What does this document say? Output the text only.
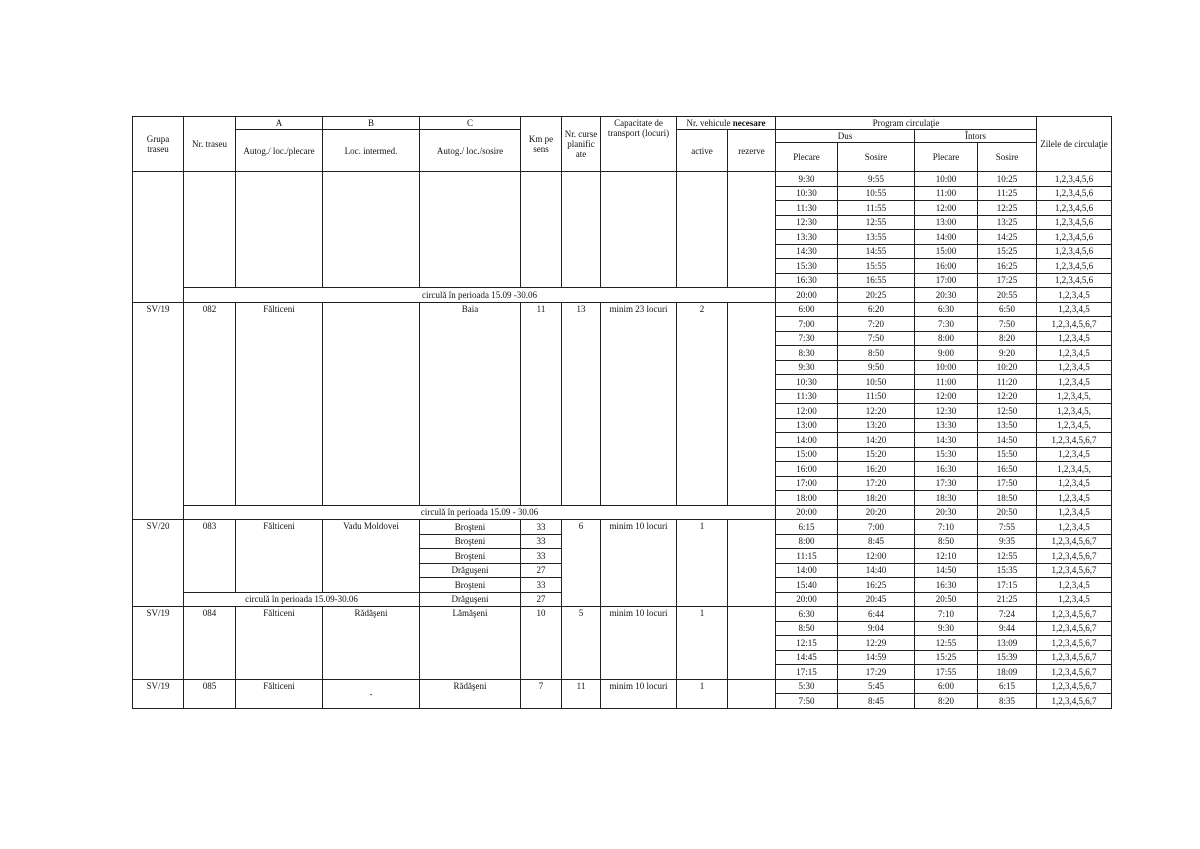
Grupa traseu	Nr. traseu	A	B	C	Km pe sens	Nr. curse planific ate	Capacitate de transport (locuri)	Nr. vehicule necesare		Program circulaţie				Zilele de circulaţie
		Autog./ loc./plecare	Loc. intermed.	Autog./ loc./sosire				active	rezerve	Dus		Întors		
										Plecare	Sosire	Plecare	Sosire	
										9:30	9:55	10:00	10:25	1,2,3,4,5,6
										10:30	10:55	11:00	11:25	1,2,3,4,5,6
										11:30	11:55	12:00	12:25	1,2,3,4,5,6
										12:30	12:55	13:00	13:25	1,2,3,4,5,6
										13:30	13:55	14:00	14:25	1,2,3,4,5,6
										14:30	14:55	15:00	15:25	1,2,3,4,5,6
										15:30	15:55	16:00	16:25	1,2,3,4,5,6
										16:30	16:55	17:00	17:25	1,2,3,4,5,6
	circulă în perioada 15.09 -30.06									20:00	20:25	20:30	20:55	1,2,3,4,5
SV/19	082	Fălticeni		Baia	11	13	minim 23 locuri	2		6:00	6:20	6:30	6:50	1,2,3,4,5
										7:00	7:20	7:30	7:50	1,2,3,4,5,6,7
										7:30	7:50	8:00	8:20	1,2,3,4,5
										8:30	8:50	9:00	9:20	1,2,3,4,5
										9:30	9:50	10:00	10:20	1,2,3,4,5
										10:30	10:50	11:00	11:20	1,2,3,4,5
										11:30	11:50	12:00	12:20	1,2,3,4,5,
										12:00	12:20	12:30	12:50	1,2,3,4,5,
										13:00	13:20	13:30	13:50	1,2,3,4,5,
										14:00	14:20	14:30	14:50	1,2,3,4,5,6,7
										15:00	15:20	15:30	15:50	1,2,3,4,5
										16:00	16:20	16:30	16:50	1,2,3,4,5,
										17:00	17:20	17:30	17:50	1,2,3,4,5
										18:00	18:20	18:30	18:50	1,2,3,4,5
	circulă în perioada 15.09 - 30.06									20:00	20:20	20:30	20:50	1,2,3,4,5
SV/20	083	Fălticeni	Vadu Moldovei	Broşteni	33	6	minim 10 locuri	1		6:15	7:00	7:10	7:55	1,2,3,4,5
				Broşteni	33					8:00	8:45	8:50	9:35	1,2,3,4,5,6,7
				Broşteni	33					11:15	12:00	12:10	12:55	1,2,3,4,5,6,7
				Drăguşeni	27					14:00	14:40	14:50	15:35	1,2,3,4,5,6,7
				Broşteni	33					15:40	16:25	16:30	17:15	1,2,3,4,5
	circulă în perioada 15.09-30.06			Drăguşeni	27					20:00	20:45	20:50	21:25	1,2,3,4,5
SV/19	084	Fălticeni	Rădăşeni	Lămăşeni	10	5	minim 10 locuri	1		6:30	6:44	7:10	7:24	1,2,3,4,5,6,7
										8:50	9:04	9:30	9:44	1,2,3,4,5,6,7
										12:15	12:29	12:55	13:09	1,2,3,4,5,6,7
										14:45	14:59	15:25	15:39	1,2,3,4,5,6,7
										17:15	17:29	17:55	18:09	1,2,3,4,5,6,7
SV/19	085	Fălticeni	-	Rădăşeni	7	11	minim 10 locuri	1		5:30	5:45	6:00	6:15	1,2,3,4,5,6,7
										7:50	8:45	8:20	8:35	1,2,3,4,5,6,7
